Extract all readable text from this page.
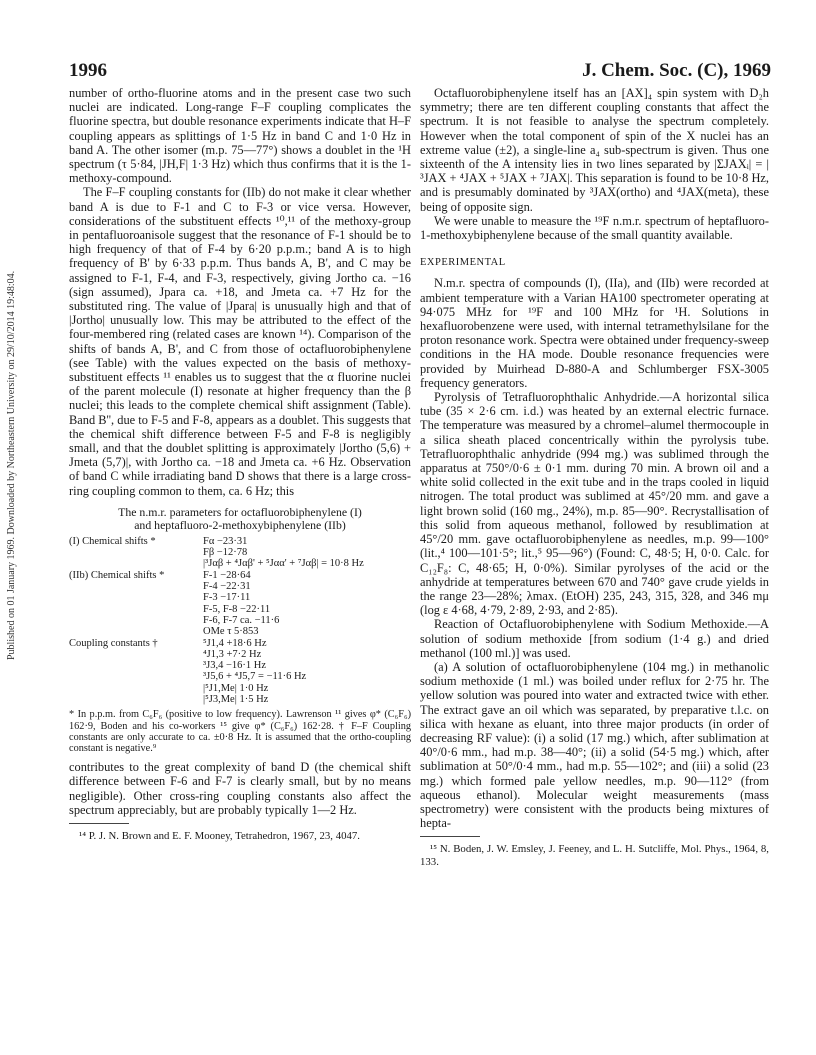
1996	J. Chem. Soc. (C), 1969
Published on 01 January 1969. Downloaded by Northeastern University on 29/10/2014 19:48:04.

number of ortho-fluorine atoms and in the present case two such nuclei are indicated. Long-range F–F coupling complicates the fluorine spectra, but double resonance experiments indicate that H–F coupling appears as splittings of 1·5 Hz in band C and 1·0 Hz in band A. The other isomer (m.p. 75—77°) shows a doublet in the ¹H spectrum (τ 5·84, |JH,F| 1·3 Hz) which thus confirms that it is the 1-methoxy-compound.

The F–F coupling constants for (IIb) do not make it clear whether band A is due to F-1 and C to F-3 or vice versa. However, considerations of the substituent effects ¹⁰,¹¹ of the methoxy-group in pentafluoroanisole suggest that the resonance of F-1 should be to high frequency of that of F-4 by 6·20 p.p.m.; band A is to high frequency of B' by 6·33 p.p.m. Thus bands A, B', and C may be assigned to F-1, F-4, and F-3, respectively, giving Jortho ca. −16 (sign assumed), Jpara ca. +18, and Jmeta ca. +7 Hz for the substituted ring. The value of |Jpara| is unusually high and that of |Jortho| unusually low. This may be attributed to the effect of the four-membered ring (related cases are known ¹⁴). Comparison of the shifts of bands A, B', and C from those of octafluorobiphenylene (see Table) with the values expected on the basis of methoxy-substituent effects ¹¹ enables us to suggest that the α fluorine nuclei of the parent molecule (I) resonate at higher frequency than the β nuclei; this leads to the complete chemical shift assignment (Table). Band B'', due to F-5 and F-8, appears as a doublet. This suggests that the chemical shift difference between F-5 and F-8 is negligibly small, and that the doublet splitting is approximately |Jortho (5,6) + Jmeta (5,7)|, with Jortho ca. −18 and Jmeta ca. +6 Hz. Observation of band C while irradiating band D shows that there is a large cross-ring coupling common to them, ca. 6 Hz; this

The n.m.r. parameters for octafluorobiphenylene (I)
and heptafluoro-2-methoxybiphenylene (IIb)
(I) Chemical shifts *	Fα −23·31
Fβ −12·78
|³Jαβ + ⁴Jαβ' + ⁵Jαα' + ⁷Jαβ| = 10·8 Hz
(IIb) Chemical shifts *	F-1 −28·64
F-4 −22·31
F-3 −17·11
F-5, F-8 −22·11
F-6, F-7 ca. −11·6
OMe τ 5·853
Coupling constants †	⁵J1,4 +18·6 Hz
⁴J1,3 +7·2 Hz
³J3,4 −16·1 Hz
³J5,6 + ⁴J5,7 = −11·6 Hz
|⁵J1,Me| 1·0 Hz
|⁵J3,Me| 1·5 Hz
* In p.p.m. from C₆F₆ (positive to low frequency). Lawrenson ¹¹ gives φ* (C₆F₆) 162·9, Boden and his co-workers ¹⁵ give φ* (C₆F₆) 162·28. † F–F Coupling constants are only accurate to ca. ±0·8 Hz. It is assumed that the ortho-coupling constant is negative.⁹

contributes to the great complexity of band D (the chemical shift difference between F-6 and F-7 is clearly small, but by no means negligible). Other cross-ring coupling constants also affect the spectrum appreciably, but are probably typically 1—2 Hz.

¹⁴ P. J. N. Brown and E. F. Mooney, Tetrahedron, 1967, 23, 4047.

Octafluorobiphenylene itself has an [AX]₄ spin system with D₂h symmetry; there are ten different coupling constants that affect the spectrum. It is not feasible to analyse the spectrum completely. However when the total component of spin of the X nuclei has an extreme value (±2), a single-line a₄ sub-spectrum is given. Thus one sixteenth of the A intensity lies in two lines separated by |ΣJAXᵢ| = |³JAX + ⁴JAX + ⁵JAX + ⁷JAX|. This separation is found to be 10·8 Hz, and is presumably dominated by ³JAX(ortho) and ⁴JAX(meta), these being of opposite sign.

We were unable to measure the ¹⁹F n.m.r. spectrum of heptafluoro-1-methoxybiphenylene because of the small quantity available.

EXPERIMENTAL

N.m.r. spectra of compounds (I), (IIa), and (IIb) were recorded at ambient temperature with a Varian HA100 spectrometer operating at 94·075 MHz for ¹⁹F and 100 MHz for ¹H. Solutions in hexafluorobenzene were used, with internal tetramethylsilane for the proton resonance work. Spectra were obtained under frequency-sweep conditions in the HA mode. Double resonance frequencies were provided by Muirhead D-880-A and Schlumberger FSX-3005 frequency generators.

Pyrolysis of Tetrafluorophthalic Anhydride.—A horizontal silica tube (35 × 2·6 cm. i.d.) was heated by an external electric furnace. The temperature was measured by a chromel–alumel thermocouple in a silica sheath placed concentrically within the pyrolysis tube. Tetrafluorophthalic anhydride (994 mg.) was sublimed through the apparatus at 750°/0·6 ± 0·1 mm. during 70 min. A brown oil and a white solid collected in the exit tube and in the traps cooled in liquid nitrogen. The total product was sublimed at 45°/20 mm. and gave a light brown solid (160 mg., 24%), m.p. 85—90°. Recrystallisation of this solid from aqueous methanol, followed by resublimation at 45°/20 mm. gave octafluorobiphenylene as needles, m.p. 99—100° (lit.,⁴ 100—101·5°; lit.,⁵ 95—96°) (Found: C, 48·5; H, 0·0. Calc. for C₁₂F₈: C, 48·65; H, 0·0%). Similar pyrolyses of the acid or the anhydride at temperatures between 670 and 740° gave crude yields in the range 23—28%; λmax. (EtOH) 235, 243, 315, 328, and 346 mμ (log ε 4·68, 4·79, 2·89, 2·93, and 2·85).

Reaction of Octafluorobiphenylene with Sodium Methoxide.—A solution of sodium methoxide [from sodium (1·4 g.) and dried methanol (100 ml.)] was used.

(a) A solution of octafluorobiphenylene (104 mg.) in methanolic sodium methoxide (1 ml.) was boiled under reflux for 2·75 hr. The yellow solution was poured into water and extracted twice with ether. The extract gave an oil which was separated, by preparative t.l.c. on silica with hexane as eluant, into three major products (in order of decreasing RF value): (i) a solid (17 mg.) which, after sublimation at 40°/0·6 mm., had m.p. 38—40°; (ii) a solid (54·5 mg.) which, after sublimation at 50°/0·4 mm., had m.p. 55—102°; and (iii) a solid (23 mg.) which formed pale yellow needles, m.p. 90—112° (from aqueous ethanol). Molecular weight measurements (mass spectrometry) were consistent with the products being mixtures of hepta-

¹⁵ N. Boden, J. W. Emsley, J. Feeney, and L. H. Sutcliffe, Mol. Phys., 1964, 8, 133.
